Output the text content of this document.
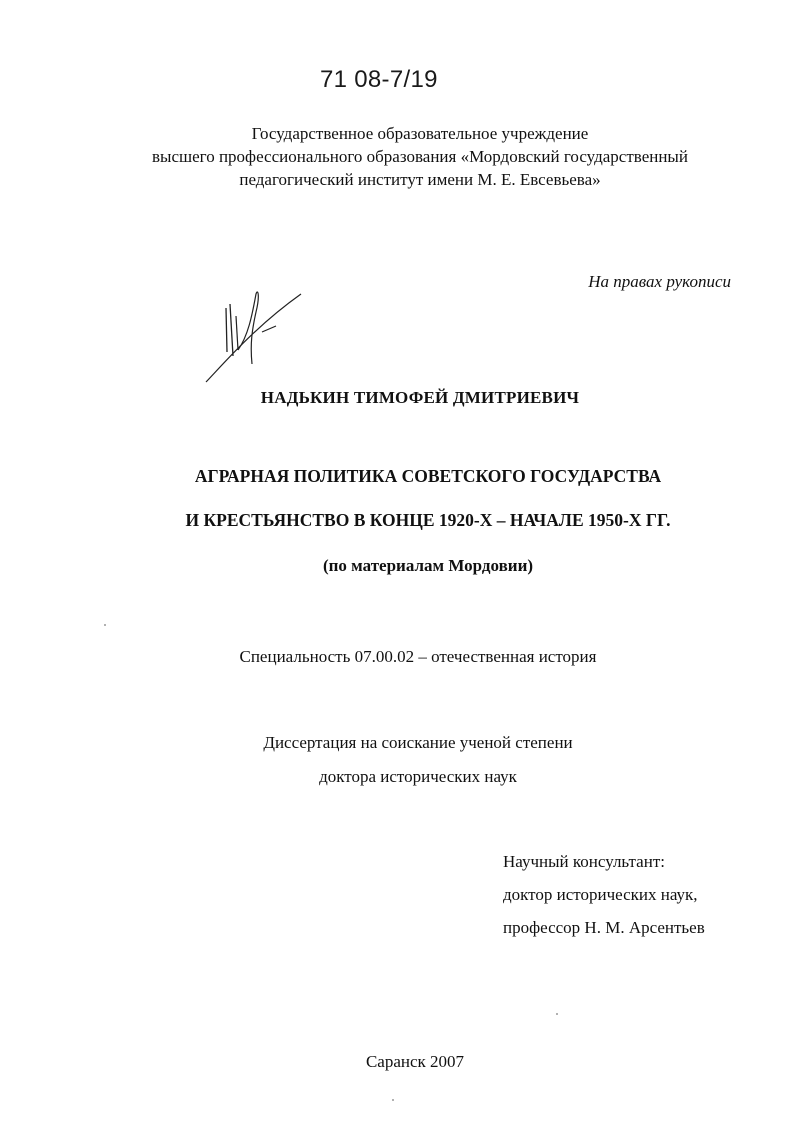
71 08-7/19
Государственное образовательное учреждение
высшего профессионального образования «Мордовский государственный
педагогический институт имени М. Е. Евсевьева»
На правах рукописи
НАДЬКИН ТИМОФЕЙ ДМИТРИЕВИЧ
АГРАРНАЯ ПОЛИТИКА СОВЕТСКОГО ГОСУДАРСТВА
И КРЕСТЬЯНСТВО В КОНЦЕ 1920-Х – НАЧАЛЕ 1950-Х ГГ.
(по материалам Мордовии)
Специальность 07.00.02 – отечественная история
Диссертация на соискание ученой степени
доктора исторических наук
Научный консультант:
доктор исторических наук,
профессор Н. М. Арсентьев
Саранск 2007
